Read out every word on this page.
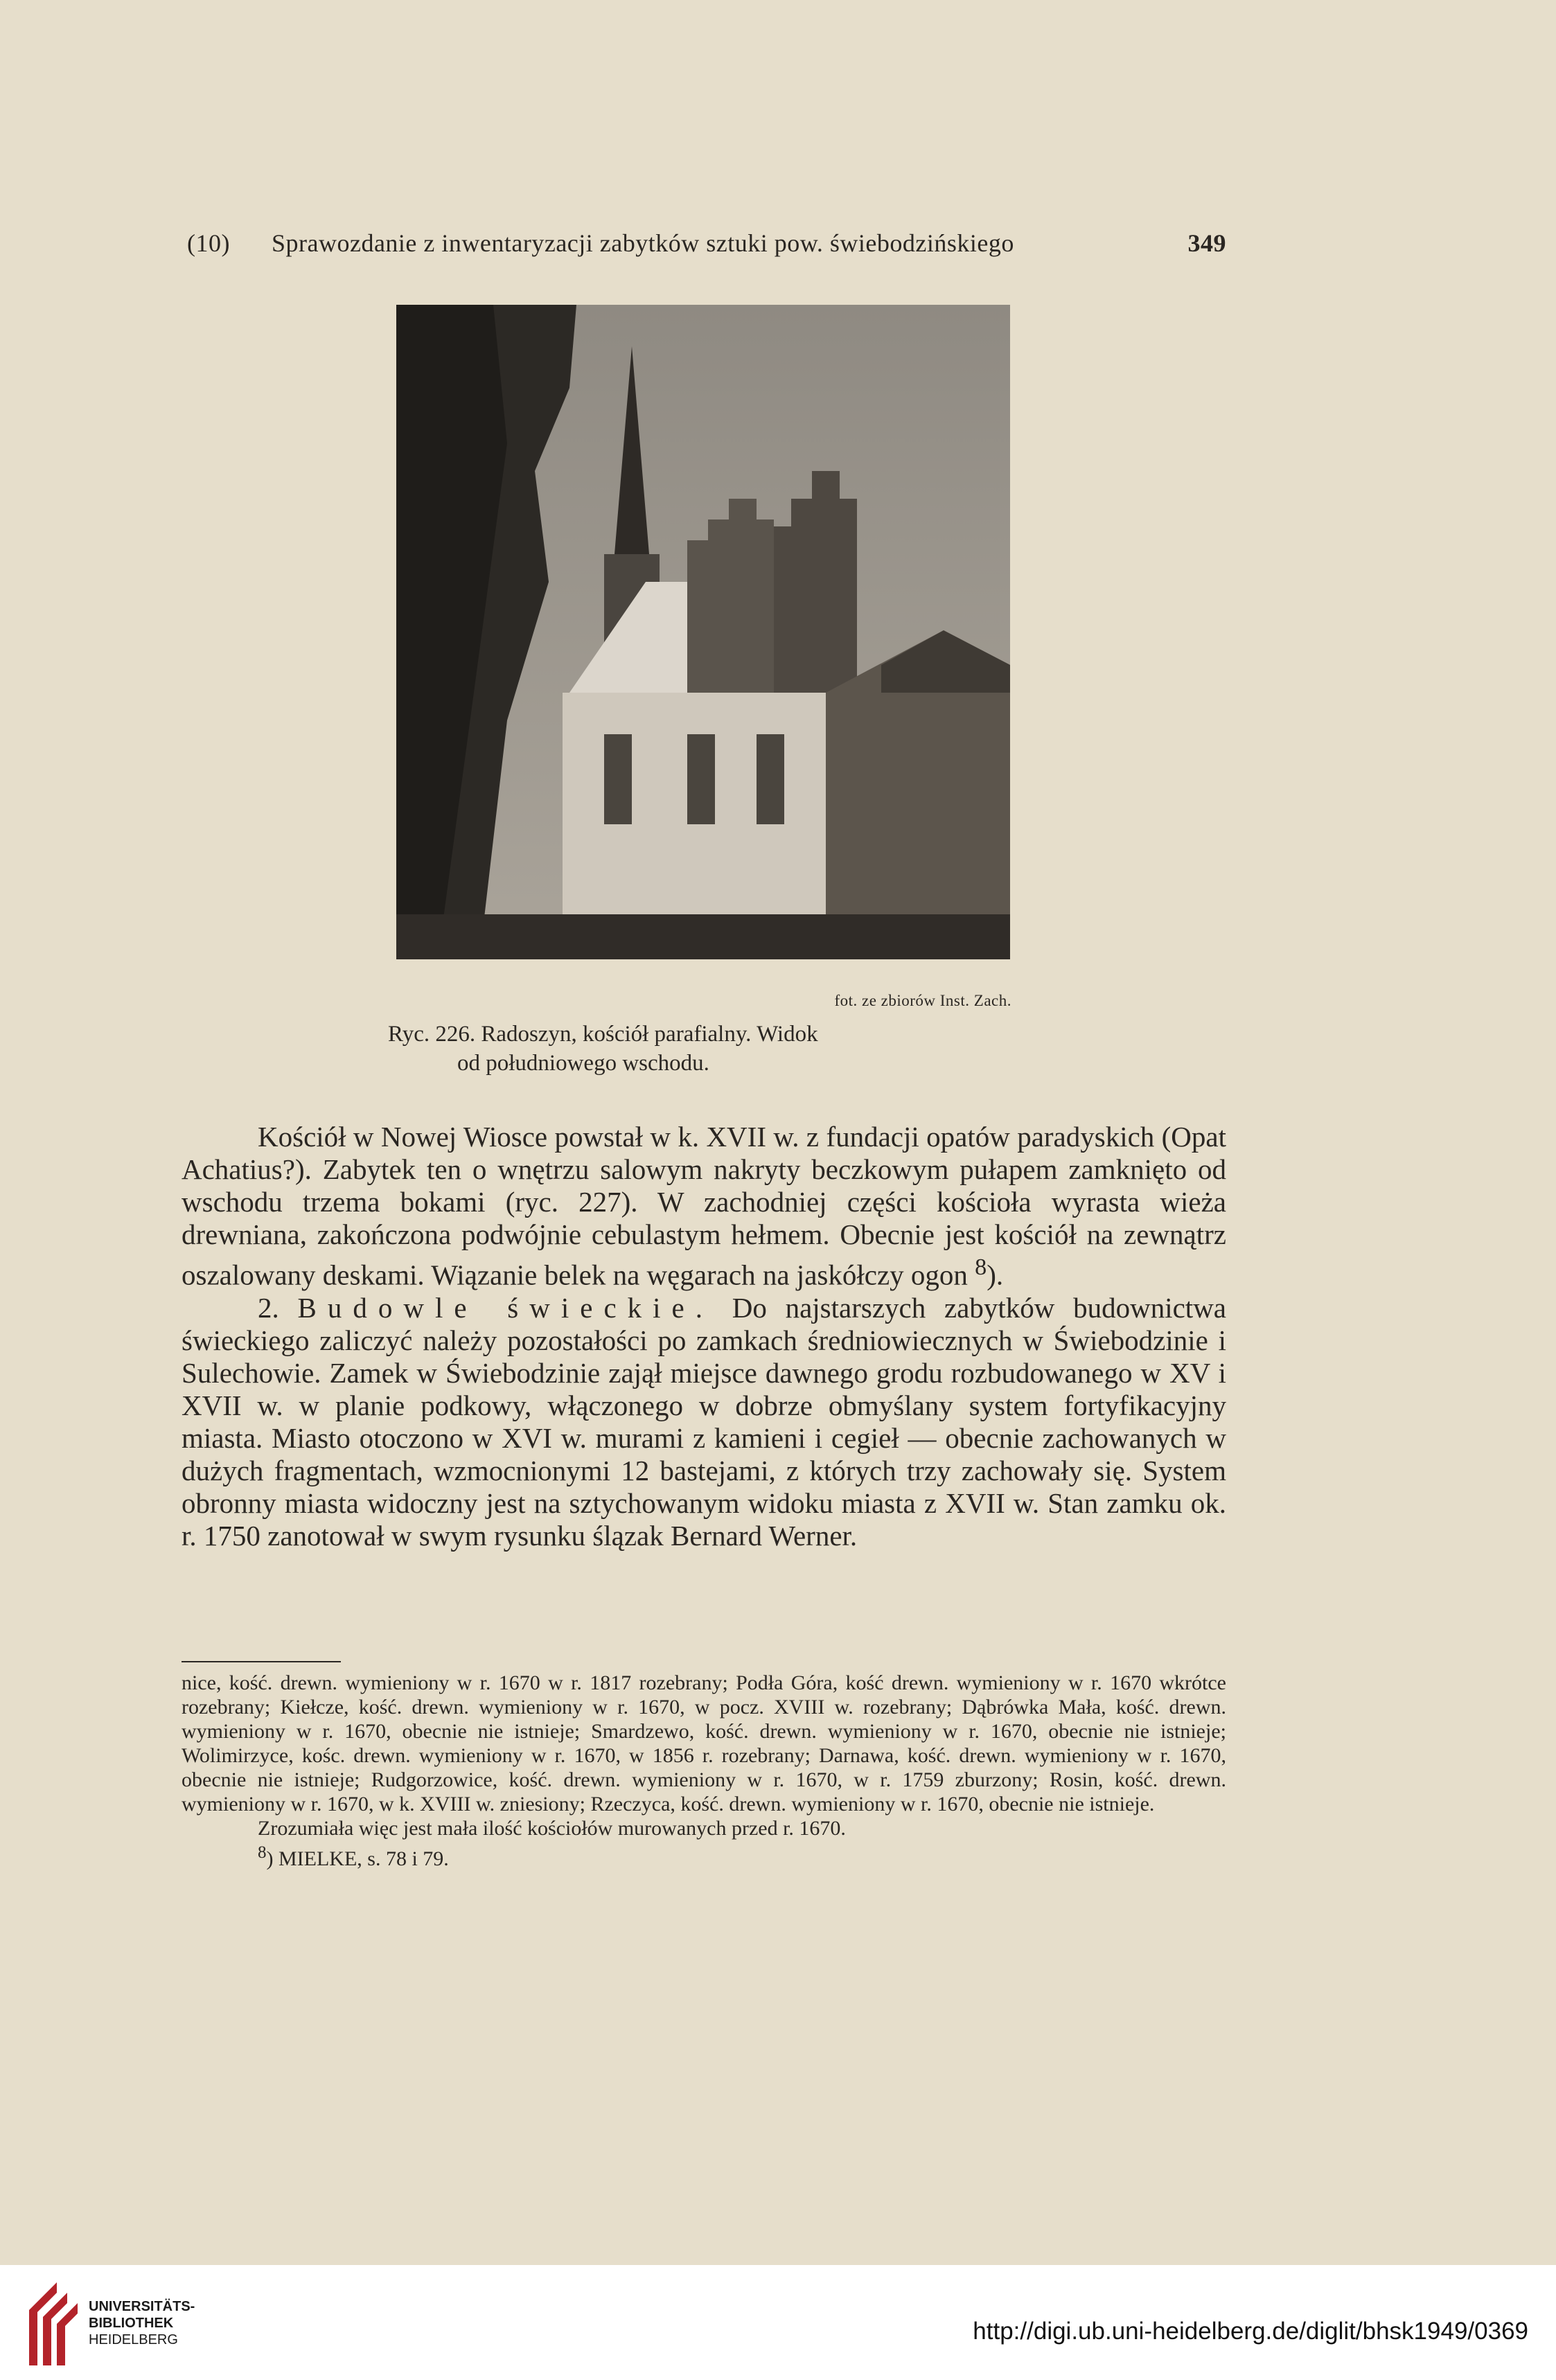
(10) Sprawozdanie z inwentaryzacji zabytków sztuki pow. świebodzińskiego	349
fot. ze zbiorów Inst. Zach.
Ryc. 226. Radoszyn, kościół parafialny. Widok
od południowego wschodu.

Kościół w Nowej Wiosce powstał w k. XVII w. z fundacji opatów paradyskich (Opat Achatius?). Zabytek ten o wnętrzu salowym nakryty beczkowym pułapem zamknięto od wschodu trzema bokami (ryc. 227). W zachodniej części kościoła wyrasta wieża drewniana, zakończona podwójnie cebulastym hełmem. Obecnie jest kościół na zewnątrz oszalowany deskami. Wiązanie belek na węgarach na jaskółczy ogon $^8$).

2. Budowle świeckie. Do najstarszych zabytków budownictwa świeckiego zaliczyć należy pozostałości po zamkach średniowiecznych w Świebodzinie i Sulechowie. Zamek w Świebodzinie zajął miejsce dawnego grodu rozbudowanego w XV i XVII w. w planie podkowy, włączonego w dobrze obmyślany system fortyfikacyjny miasta. Miasto otoczono w XVI w. murami z kamieni i cegieł — obecnie zachowanych w dużych fragmentach, wzmocnionymi 12 bastejami, z których trzy zachowały się. System obronny miasta widoczny jest na sztychowanym widoku miasta z XVII w. Stan zamku ok. r. 1750 zanotował w swym rysunku ślązak Bernard Werner.

nice, kość. drewn. wymieniony w r. 1670 w r. 1817 rozebrany; Podła Góra, kość drewn. wymieniony w r. 1670 wkrótce rozebrany; Kiełcze, kość. drewn. wymieniony w r. 1670, w pocz. XVIII w. rozebrany; Dąbrówka Mała, kość. drewn. wymieniony w r. 1670, obecnie nie istnieje; Smardzewo, kość. drewn. wymieniony w r. 1670, obecnie nie istnieje; Wolimirzyce, kośc. drewn. wymieniony w r. 1670, w 1856 r. rozebrany; Darnawa, kość. drewn. wymieniony w r. 1670, obecnie nie istnieje; Rudgorzowice, kość. drewn. wymieniony w r. 1670, w r. 1759 zburzony; Rosin, kość. drewn. wymieniony w r. 1670, w k. XVIII w. zniesiony; Rzeczyca, kość. drewn. wymieniony w r. 1670, obecnie nie istnieje.

Zrozumiała więc jest mała ilość kościołów murowanych przed r. 1670.

$^8$) MIELKE, s. 78 i 79.

UNIVERSITÄTS-
BIBLIOTHEK
HEIDELBERG	http://digi.ub.uni-heidelberg.de/diglit/bhsk1949/0369
